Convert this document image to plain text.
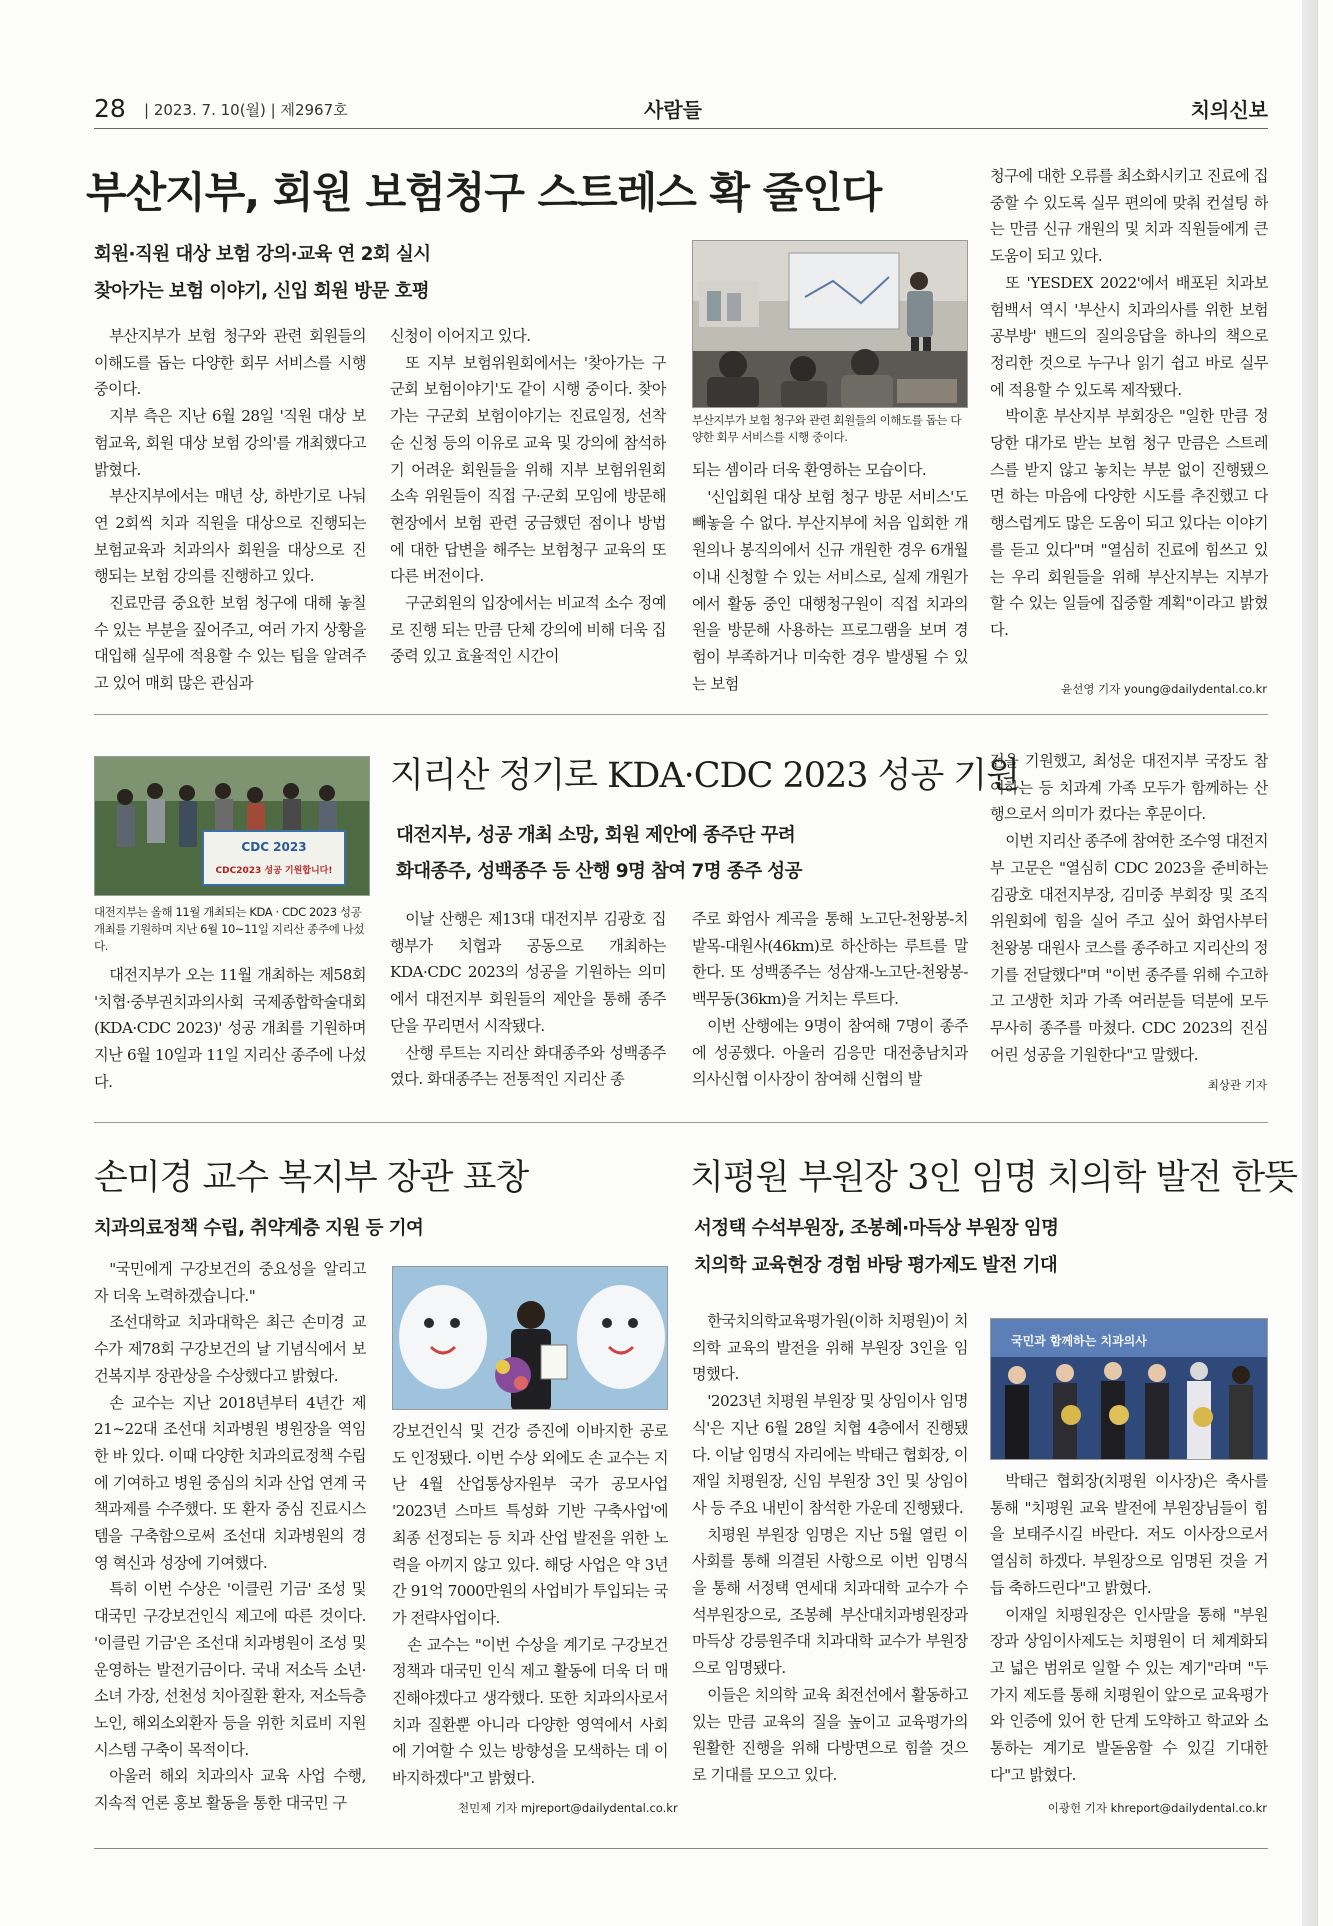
28 | 2023. 7. 10(월) | 제2967호	사람들	치의신보
부산지부, 회원 보험청구 스트레스 확 줄인다
회원·직원 대상 보험 강의·교육 연 2회 실시
찾아가는 보험 이야기, 신입 회원 방문 호평

부산지부가 보험 청구와 관련 회원들의 이해도를 돕는 다양한 회무 서비스를 시행 중이다.

지부 측은 지난 6월 28일 '직원 대상 보험교육, 회원 대상 보험 강의'를 개최했다고 밝혔다.

부산지부에서는 매년 상, 하반기로 나눠 연 2회씩 치과 직원을 대상으로 진행되는 보험교육과 치과의사 회원을 대상으로 진행되는 보험 강의를 진행하고 있다.

진료만큼 중요한 보험 청구에 대해 놓칠 수 있는 부분을 짚어주고, 여러 가지 상황을 대입해 실무에 적용할 수 있는 팁을 알려주고 있어 매회 많은 관심과

신청이 이어지고 있다.

또 지부 보험위원회에서는 '찾아가는 구군회 보험이야기'도 같이 시행 중이다. 찾아가는 구군회 보험이야기는 진료일정, 선착순 신청 등의 이유로 교육 및 강의에 참석하기 어려운 회원들을 위해 지부 보험위원회 소속 위원들이 직접 구·군회 모임에 방문해 현장에서 보험 관련 궁금했던 점이나 방법에 대한 답변을 해주는 보험청구 교육의 또 다른 버전이다.

구군회원의 입장에서는 비교적 소수 정예로 진행 되는 만큼 단체 강의에 비해 더욱 집중력 있고 효율적인 시간이

부산지부가 보험 청구와 관련 회원들의 이해도를 돕는 다양한 회무 서비스를 시행 중이다.

되는 셈이라 더욱 환영하는 모습이다.

'신입회원 대상 보험 청구 방문 서비스'도 빼놓을 수 없다. 부산지부에 처음 입회한 개원의나 봉직의에서 신규 개원한 경우 6개월 이내 신청할 수 있는 서비스로, 실제 개원가에서 활동 중인 대행청구원이 직접 치과의원을 방문해 사용하는 프로그램을 보며 경험이 부족하거나 미숙한 경우 발생될 수 있는 보험

청구에 대한 오류를 최소화시키고 진료에 집중할 수 있도록 실무 편의에 맞춰 컨설팅 하는 만큼 신규 개원의 및 치과 직원들에게 큰 도움이 되고 있다.

또 'YESDEX 2022'에서 배포된 치과보험백서 역시 '부산시 치과의사를 위한 보험공부방' 밴드의 질의응답을 하나의 책으로 정리한 것으로 누구나 읽기 쉽고 바로 실무에 적용할 수 있도록 제작됐다.

박이훈 부산지부 부회장은 "일한 만큼 정당한 대가로 받는 보험 청구 만큼은 스트레스를 받지 않고 놓치는 부분 없이 진행됐으면 하는 마음에 다양한 시도를 추진했고 다행스럽게도 많은 도움이 되고 있다는 이야기를 듣고 있다"며 "열심히 진료에 힘쓰고 있는 우리 회원들을 위해 부산지부는 지부가 할 수 있는 일들에 집중할 계획"이라고 밝혔다.

윤선영 기자 young@dailydental.co.kr
CDC 2023
CDC2023 성공 기원합니다!
대전지부는 올해 11월 개최되는 KDA · CDC 2023 성공 개최를 기원하며 지난 6월 10~11일 지리산 종주에 나섰다.

대전지부가 오는 11월 개최하는 제58회 '치협·중부권치과의사회 국제종합학술대회(KDA·CDC 2023)' 성공 개최를 기원하며 지난 6월 10일과 11일 지리산 종주에 나섰다.

지리산 정기로 KDA·CDC 2023 성공 기원
대전지부, 성공 개최 소망, 회원 제안에 종주단 꾸려
화대종주, 성백종주 등 산행 9명 참여 7명 종주 성공

이날 산행은 제13대 대전지부 김광호 집행부가 치협과 공동으로 개최하는 KDA·CDC 2023의 성공을 기원하는 의미에서 대전지부 회원들의 제안을 통해 종주단을 꾸리면서 시작됐다.

산행 루트는 지리산 화대종주와 성백종주였다. 화대종주는 전통적인 지리산 종

주로 화엄사 계곡을 통해 노고단-천왕봉-치밭목-대원사(46km)로 하산하는 루트를 말한다. 또 성백종주는 성삼재-노고단-천왕봉-백무동(36km)을 거치는 루트다.

이번 산행에는 9명이 참여해 7명이 종주에 성공했다. 아울러 김응만 대전충남치과의사신협 이사장이 참여해 신협의 발

전을 기원했고, 최성운 대전지부 국장도 참여하는 등 치과계 가족 모두가 함께하는 산행으로서 의미가 컸다는 후문이다.

이번 지리산 종주에 참여한 조수영 대전지부 고문은 "열심히 CDC 2023을 준비하는 김광호 대전지부장, 김미중 부회장 및 조직위원회에 힘을 실어 주고 싶어 화엄사부터 천왕봉 대원사 코스를 종주하고 지리산의 정기를 전달했다"며 "이번 종주를 위해 수고하고 고생한 치과 가족 여러분들 덕분에 모두 무사히 종주를 마쳤다. CDC 2023의 진심 어린 성공을 기원한다"고 말했다.

최상관 기자
손미경 교수 복지부 장관 표창
치과의료정책 수립, 취약계층 지원 등 기여

"국민에게 구강보건의 중요성을 알리고자 더욱 노력하겠습니다."

조선대학교 치과대학은 최근 손미경 교수가 제78회 구강보건의 날 기념식에서 보건복지부 장관상을 수상했다고 밝혔다.

손 교수는 지난 2018년부터 4년간 제21~22대 조선대 치과병원 병원장을 역임한 바 있다. 이때 다양한 치과의료정책 수립에 기여하고 병원 중심의 치과 산업 연계 국책과제를 수주했다. 또 환자 중심 진료시스템을 구축함으로써 조선대 치과병원의 경영 혁신과 성장에 기여했다.

특히 이번 수상은 '이클린 기금' 조성 및 대국민 구강보건인식 제고에 따른 것이다. '이클린 기금'은 조선대 치과병원이 조성 및 운영하는 발전기금이다. 국내 저소득 소년·소녀 가장, 선천성 치아질환 환자, 저소득층 노인, 해외소외환자 등을 위한 치료비 지원시스템 구축이 목적이다.

아울러 해외 치과의사 교육 사업 수행, 지속적 언론 홍보 활동을 통한 대국민 구

강보건인식 및 건강 증진에 이바지한 공로도 인정됐다. 이번 수상 외에도 손 교수는 지난 4월 산업통상자원부 국가 공모사업 '2023년 스마트 특성화 기반 구축사업'에 최종 선정되는 등 치과 산업 발전을 위한 노력을 아끼지 않고 있다. 해당 사업은 약 3년간 91억 7000만원의 사업비가 투입되는 국가 전략사업이다.

손 교수는 "이번 수상을 계기로 구강보건정책과 대국민 인식 제고 활동에 더욱 더 매진해야겠다고 생각했다. 또한 치과의사로서 치과 질환뿐 아니라 다양한 영역에서 사회에 기여할 수 있는 방향성을 모색하는 데 이바지하겠다"고 밝혔다.

천민제 기자 mjreport@dailydental.co.kr
치평원 부원장 3인 임명 치의학 발전 한뜻
서정택 수석부원장, 조봉혜·마득상 부원장 임명
치의학 교육현장 경험 바탕 평가제도 발전 기대

한국치의학교육평가원(이하 치평원)이 치의학 교육의 발전을 위해 부원장 3인을 임명했다.

'2023년 치평원 부원장 및 상임이사 임명식'은 지난 6월 28일 치협 4층에서 진행됐다. 이날 임명식 자리에는 박태근 협회장, 이재일 치평원장, 신임 부원장 3인 및 상임이사 등 주요 내빈이 참석한 가운데 진행됐다.

치평원 부원장 임명은 지난 5월 열린 이사회를 통해 의결된 사항으로 이번 임명식을 통해 서정택 연세대 치과대학 교수가 수석부원장으로, 조봉혜 부산대치과병원장과 마득상 강릉원주대 치과대학 교수가 부원장으로 임명됐다.

이들은 치의학 교육 최전선에서 활동하고 있는 만큼 교육의 질을 높이고 교육평가의 원활한 진행을 위해 다방면으로 힘쓸 것으로 기대를 모으고 있다.

국민과 함께하는 치과의사

박태근 협회장(치평원 이사장)은 축사를 통해 "치평원 교육 발전에 부원장님들이 힘을 보태주시길 바란다. 저도 이사장으로서 열심히 하겠다. 부원장으로 임명된 것을 거듭 축하드린다"고 밝혔다.

이재일 치평원장은 인사말을 통해 "부원장과 상임이사제도는 치평원이 더 체계화되고 넓은 범위로 일할 수 있는 계기"라며 "두 가지 제도를 통해 치평원이 앞으로 교육평가와 인증에 있어 한 단계 도약하고 학교와 소통하는 계기로 발돋움할 수 있길 기대한다"고 밝혔다.

이광헌 기자 khreport@dailydental.co.kr
